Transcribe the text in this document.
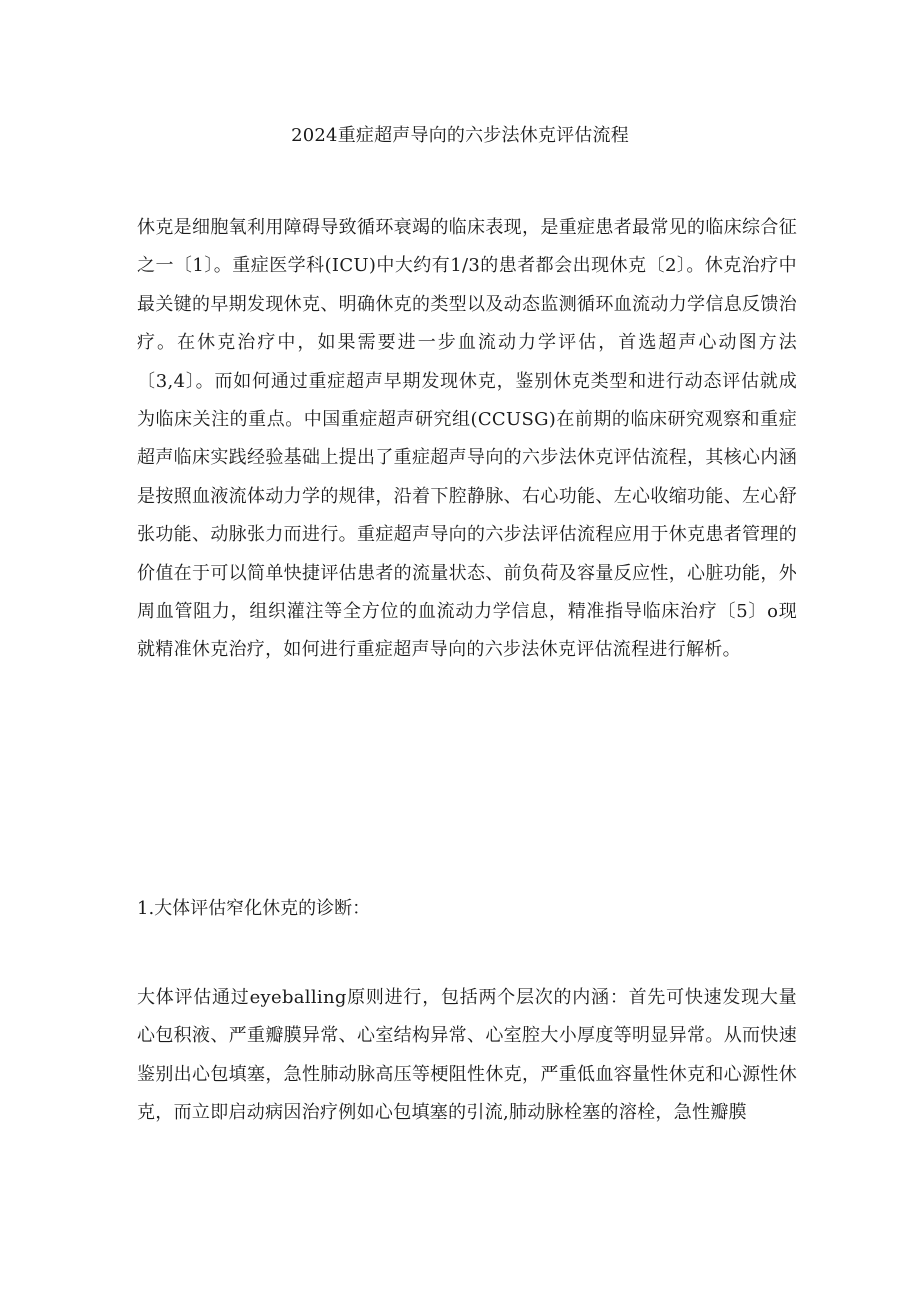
2024重症超声导向的六步法休克评估流程

休克是细胞氧利用障碍导致循环衰竭的临床表现，是重症患者最常见的临床综合征之一〔1〕。重症医学科(ICU)中大约有1/3的患者都会出现休克〔2〕。休克治疗中最关键的早期发现休克、明确休克的类型以及动态监测循环血流动力学信息反馈治疗。在休克治疗中，如果需要进一步血流动力学评估，首选超声心动图方法〔3,4〕。而如何通过重症超声早期发现休克，鉴别休克类型和进行动态评估就成为临床关注的重点。中国重症超声研究组(CCUSG)在前期的临床研究观察和重症超声临床实践经验基础上提出了重症超声导向的六步法休克评估流程，其核心内涵是按照血液流体动力学的规律，沿着下腔静脉、右心功能、左心收缩功能、左心舒张功能、动脉张力而进行。重症超声导向的六步法评估流程应用于休克患者管理的价值在于可以简单快捷评估患者的流量状态、前负荷及容量反应性，心脏功能，外周血管阻力，组织灌注等全方位的血流动力学信息，精准指导临床治疗〔5〕o现就精准休克治疗，如何进行重症超声导向的六步法休克评估流程进行解析。

1.大体评估窄化休克的诊断：

大体评估通过eyeballing原则进行，包括两个层次的内涵：首先可快速发现大量心包积液、严重瓣膜异常、心室结构异常、心室腔大小厚度等明显异常。从而快速鉴别出心包填塞，急性肺动脉高压等梗阻性休克，严重低血容量性休克和心源性休克，而立即启动病因治疗例如心包填塞的引流,肺动脉栓塞的溶栓，急性瓣膜
